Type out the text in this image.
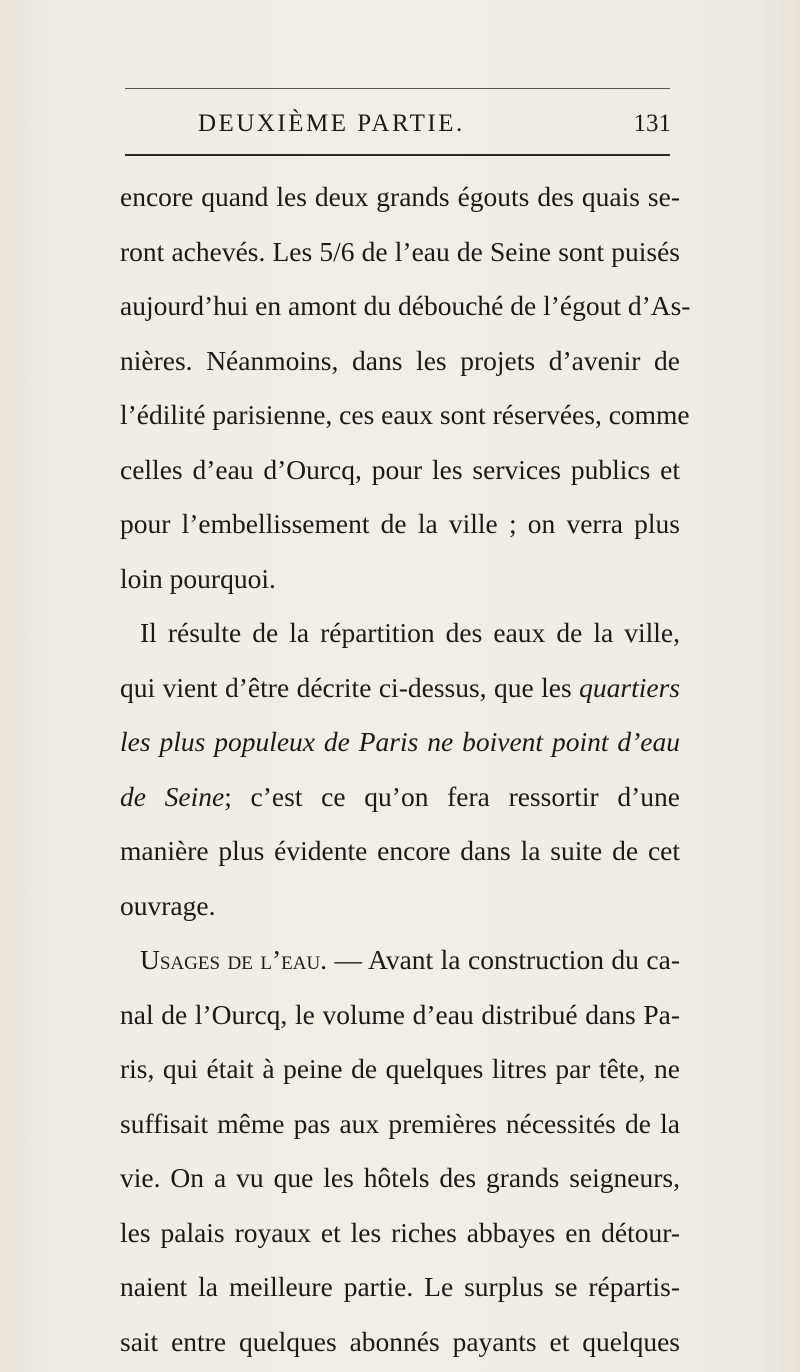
DEUXIÈME PARTIE.	131
encore quand les deux grands égouts des quais se-
ront achevés. Les 5/6 de l’eau de Seine sont puisés
aujourd’hui en amont du débouché de l’égout d’As-
nières. Néanmoins, dans les projets d’avenir de
l’édilité parisienne, ces eaux sont réservées, comme
celles d’eau d’Ourcq, pour les services publics et
pour l’embellissement de la ville ; on verra plus
loin pourquoi.
Il résulte de la répartition des eaux de la ville,
qui vient d’être décrite ci-dessus, que les quartiers
les plus populeux de Paris ne boivent point d’eau
de Seine; c’est ce qu’on fera ressortir d’une
manière plus évidente encore dans la suite de cet
ouvrage.
Usages de l’eau. — Avant la construction du ca-
nal de l’Ourcq, le volume d’eau distribué dans Pa-
ris, qui était à peine de quelques litres par tête, ne
suffisait même pas aux premières nécessités de la
vie. On a vu que les hôtels des grands seigneurs,
les palais royaux et les riches abbayes en détour-
naient la meilleure partie. Le surplus se répartis-
sait entre quelques abonnés payants et quelques
